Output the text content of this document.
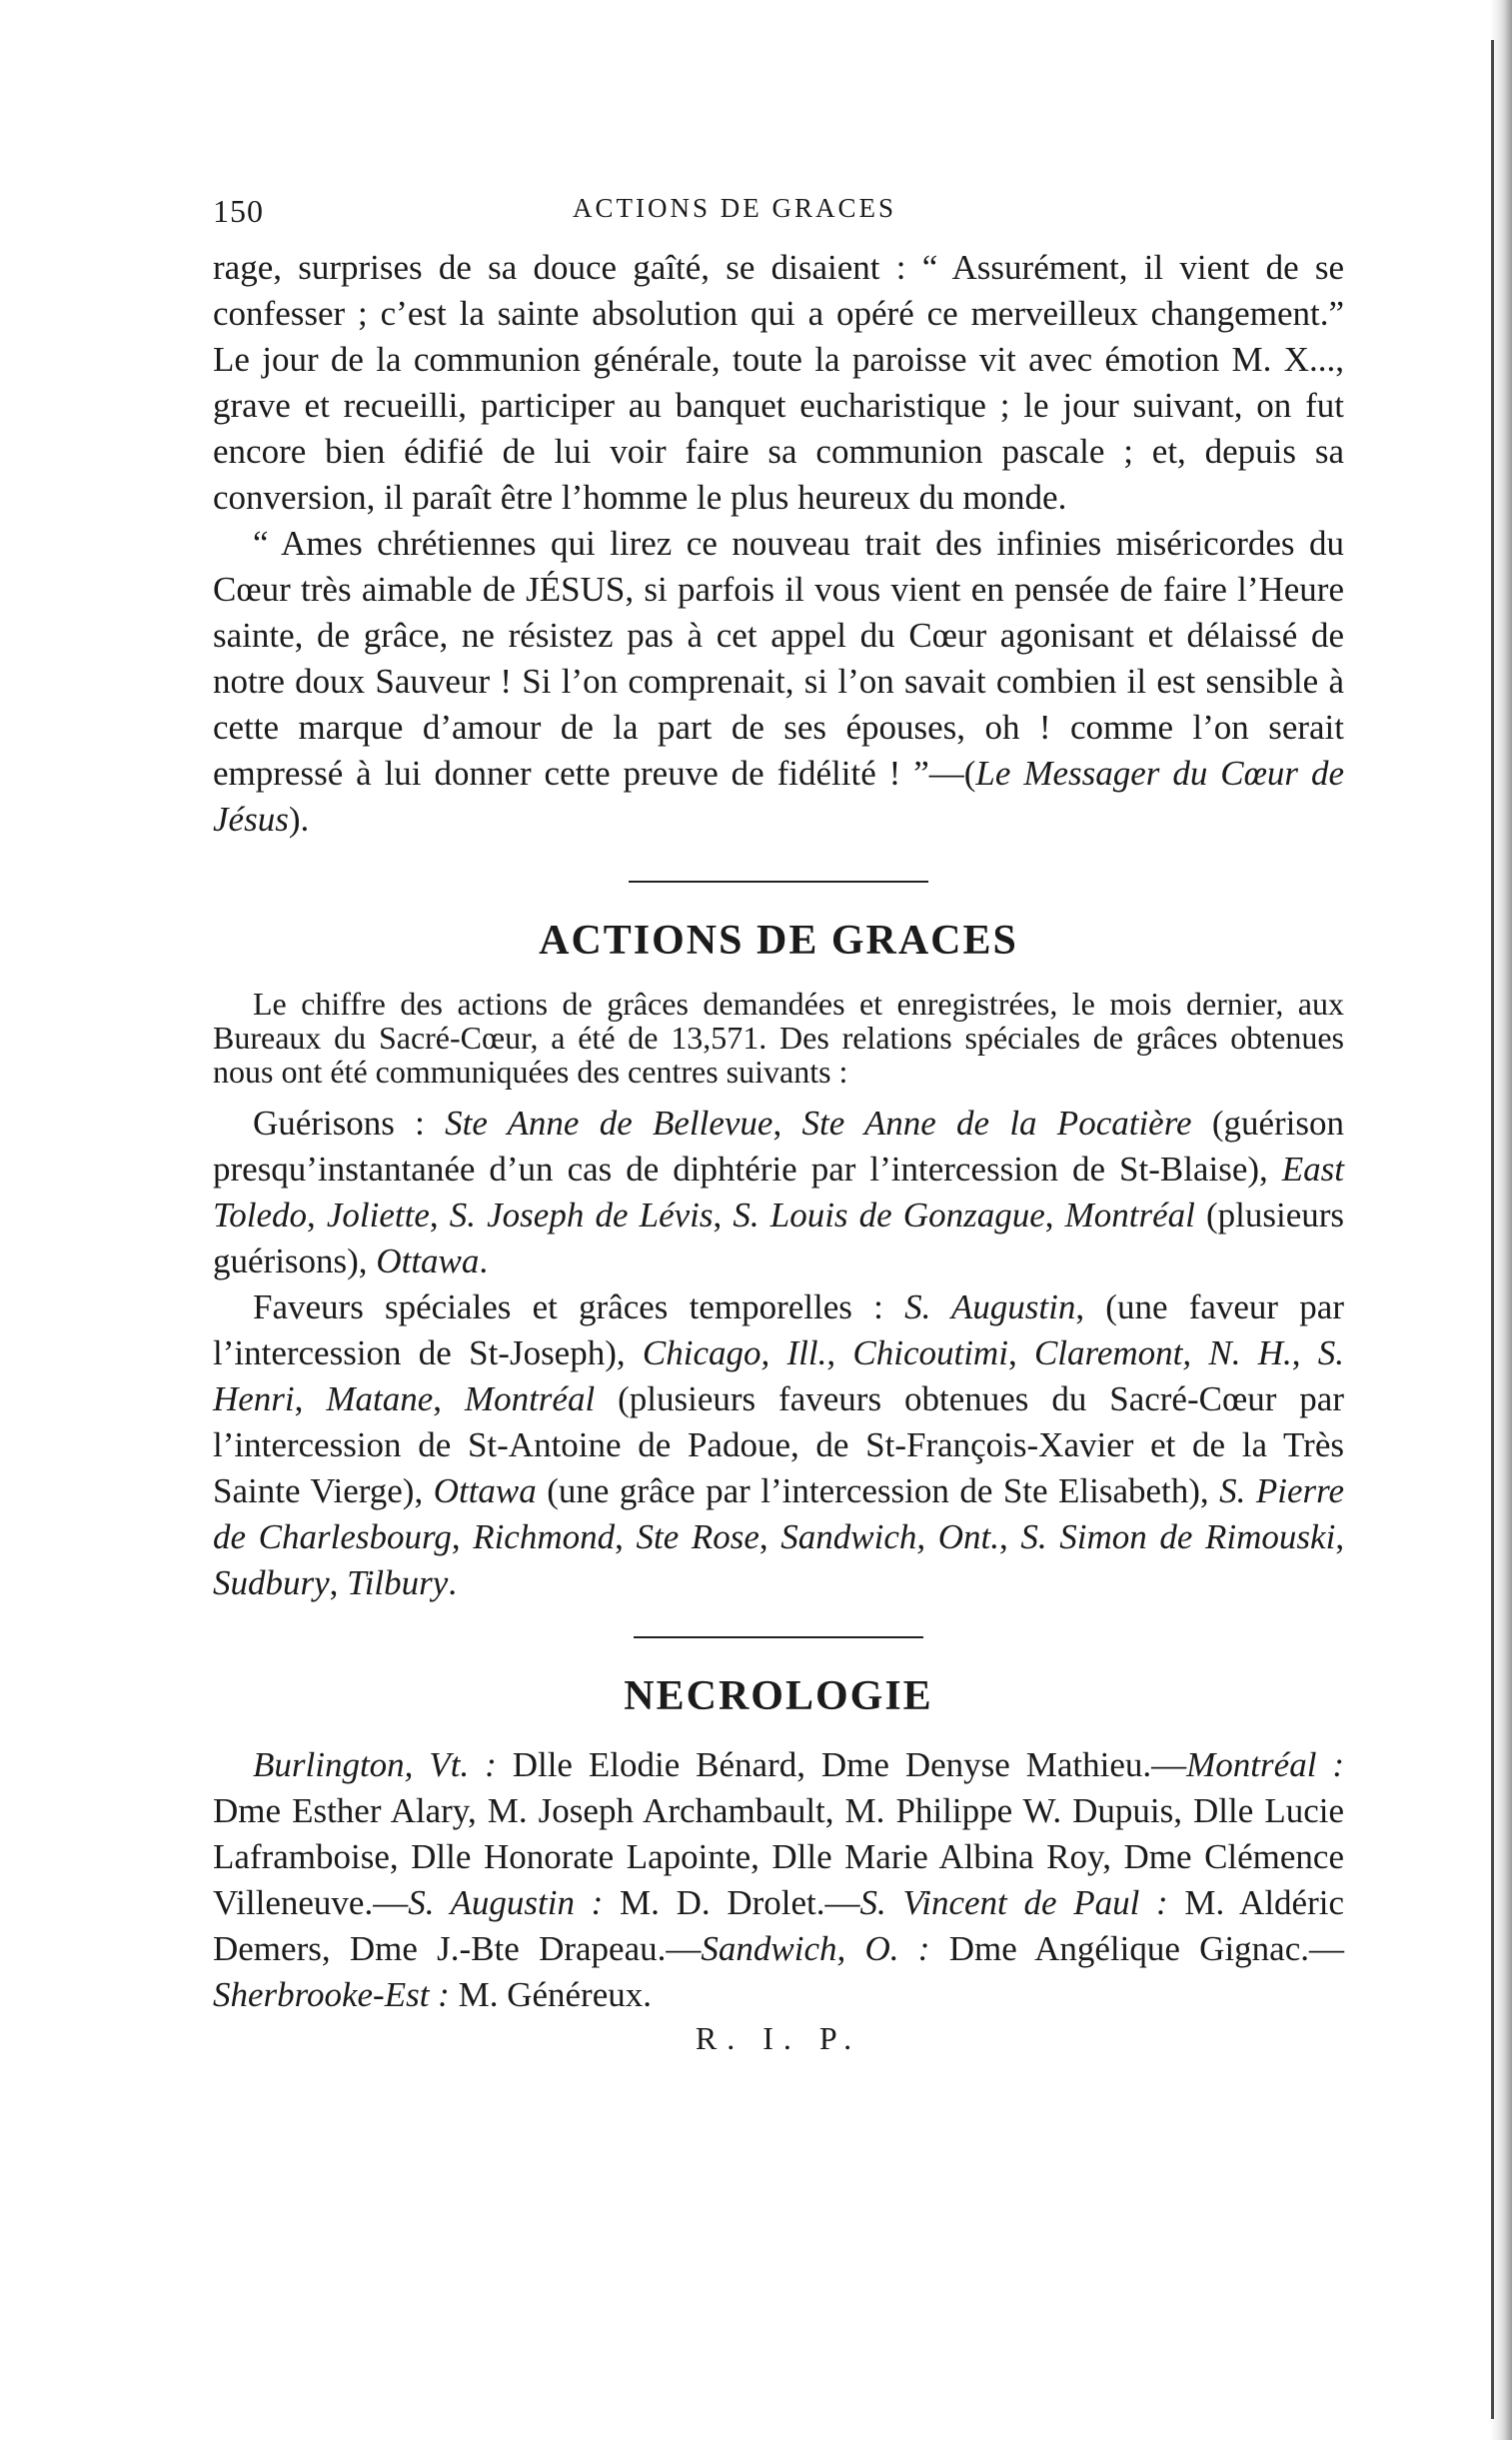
150	ACTIONS DE GRACES

rage, surprises de sa douce gaîté, se disaient : “ Assurément, il vient de se confesser ; c’est la sainte absolution qui a opéré ce merveilleux changement.” Le jour de la communion générale, toute la paroisse vit avec émotion M. X..., grave et recueilli, participer au banquet eucharistique ; le jour suivant, on fut encore bien édifié de lui voir faire sa communion pascale ; et, depuis sa conversion, il paraît être l’homme le plus heureux du monde.

“ Ames chrétiennes qui lirez ce nouveau trait des infinies miséricordes du Cœur très aimable de JÉSUS, si parfois il vous vient en pensée de faire l’Heure sainte, de grâce, ne résistez pas à cet appel du Cœur agonisant et délaissé de notre doux Sauveur ! Si l’on comprenait, si l’on savait combien il est sensible à cette marque d’amour de la part de ses épouses, oh ! comme l’on serait empressé à lui donner cette preuve de fidélité ! ”—(Le Messager du Cœur de Jésus).

ACTIONS DE GRACES

Le chiffre des actions de grâces demandées et enregistrées, le mois dernier, aux Bureaux du Sacré-Cœur, a été de 13,571. Des relations spéciales de grâces obtenues nous ont été communiquées des centres suivants :

Guérisons : Ste Anne de Bellevue, Ste Anne de la Pocatière (guérison presqu’instantanée d’un cas de diphtérie par l’intercession de St-Blaise), East Toledo, Joliette, S. Joseph de Lévis, S. Louis de Gonzague, Montréal (plusieurs guérisons), Ottawa.

Faveurs spéciales et grâces temporelles : S. Augustin, (une faveur par l’intercession de St-Joseph), Chicago, Ill., Chicoutimi, Claremont, N. H., S. Henri, Matane, Montréal (plusieurs faveurs obtenues du Sacré-Cœur par l’intercession de St-Antoine de Padoue, de St-François-Xavier et de la Très Sainte Vierge), Ottawa (une grâce par l’intercession de Ste Elisabeth), S. Pierre de Charlesbourg, Richmond, Ste Rose, Sandwich, Ont., S. Simon de Rimouski, Sudbury, Tilbury.

NECROLOGIE

Burlington, Vt. : Dlle Elodie Bénard, Dme Denyse Mathieu.—Montréal : Dme Esther Alary, M. Joseph Archambault, M. Philippe W. Dupuis, Dlle Lucie Laframboise, Dlle Honorate Lapointe, Dlle Marie Albina Roy, Dme Clémence Villeneuve.—S. Augustin : M. D. Drolet.—S. Vincent de Paul : M. Aldéric Demers, Dme J.-Bte Drapeau.—Sandwich, O. : Dme Angélique Gignac.—Sherbrooke-Est : M. Généreux.

R. I. P.
